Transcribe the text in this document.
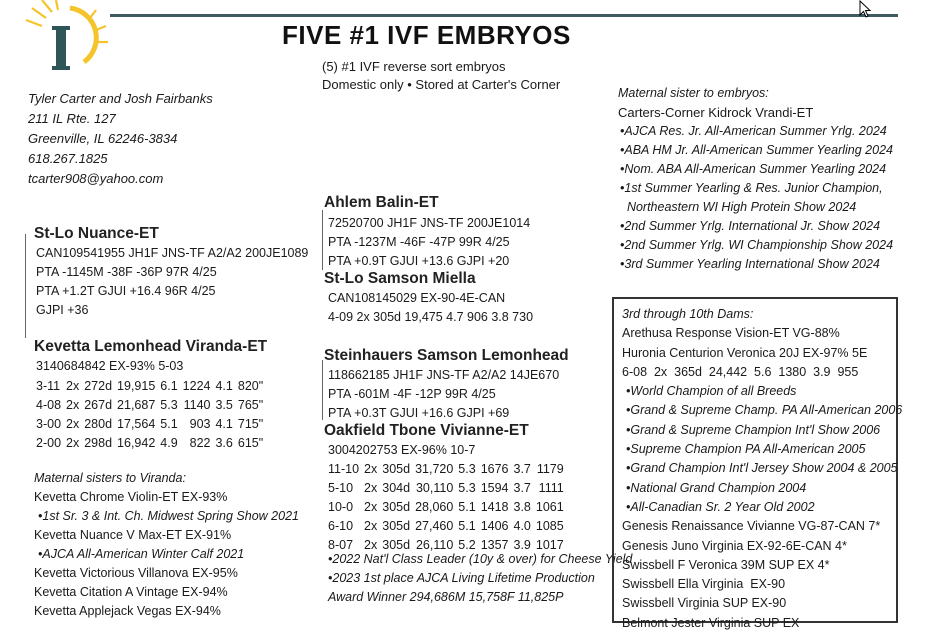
FIVE #1 IVF EMBRYOS
(5) #1 IVF reverse sort embryos
Domestic only • Stored at Carter's Corner
Tyler Carter and Josh Fairbanks
211 IL Rte. 127
Greenville, IL 62246-3834
618.267.1825
tcarter908@yahoo.com
St-Lo Nuance-ET
CAN109541955 JH1F JNS-TF A2/A2 200JE1089
PTA -1145M -38F -36P 97R 4/25
PTA +1.2T GJUI +16.4 96R 4/25
GJPI +36
Kevetta Lemonhead Viranda-ET
3140684842 EX-93% 5-03
3-11	2x	272d	19,915	6.1	1224	4.1	820"
4-08	2x	267d	21,687	5.3	1140	3.5	765"
3-00	2x	280d	17,564	5.1	903	4.1	715"
2-00	2x	298d	16,942	4.9	822	3.6	615"
Maternal sisters to Viranda:
Kevetta Chrome Violin-ET EX-93%
•1st Sr. 3 & Int. Ch. Midwest Spring Show 2021
Kevetta Nuance V Max-ET EX-91%
•AJCA All-American Winter Calf 2021
Kevetta Victorious Villanova EX-95%
Kevetta Citation A Vintage EX-94%
Kevetta Applejack Vegas EX-94%
Ahlem Balin-ET
72520700 JH1F JNS-TF 200JE1014
PTA -1237M -46F -47P 99R 4/25
PTA +0.9T GJUI +13.6 GJPI +20
St-Lo Samson Miella
CAN108145029 EX-90-4E-CAN
4-09 2x 305d 19,475 4.7 906 3.8 730
Steinhauers Samson Lemonhead
118662185 JH1F JNS-TF A2/A2 14JE670
PTA -601M -4F -12P 99R 4/25
PTA +0.3T GJUI +16.6 GJPI +69
Oakfield Tbone Vivianne-ET
3004202753 EX-96% 10-7
11-10	2x	305d	31,720	5.3	1676	3.7	1179
5-10	2x	304d	30,110	5.3	1594	3.7	1111
10-0	2x	305d	28,060	5.1	1418	3.8	1061
6-10	2x	305d	27,460	5.1	1406	4.0	1085
8-07	2x	305d	26,110	5.2	1357	3.9	1017
•2022 Nat'l Class Leader (10y & over) for Cheese Yield
•2023 1st place AJCA Living Lifetime Production
Award Winner 294,686M 15,758F 11,825P
Maternal sister to embryos:
Carters-Corner Kidrock Vrandi-ET
•AJCA Res. Jr. All-American Summer Yrlg. 2024
•ABA HM Jr. All-American Summer Yearling 2024
•Nom. ABA All-American Summer Yearling 2024
•1st Summer Yearling & Res. Junior Champion,
Northeastern WI High Protein Show 2024
•2nd Summer Yrlg. International Jr. Show 2024
•2nd Summer Yrlg. WI Championship Show 2024
•3rd Summer Yearling International Show 2024
3rd through 10th Dams:
Arethusa Response Vision-ET VG-88%
Huronia Centurion Veronica 20J EX-97% 5E
6-08  2x  365d  24,442  5.6  1380  3.9  955
•World Champion of all Breeds
•Grand & Supreme Champ. PA All-American 2006
•Grand & Supreme Champion Int'l Show 2006
•Supreme Champion PA All-American 2005
•Grand Champion Int'l Jersey Show 2004 & 2005
•National Grand Champion 2004
•All-Canadian Sr. 2 Year Old 2002
Genesis Renaissance Vivianne VG-87-CAN 7*
Genesis Juno Virginia EX-92-6E-CAN 4*
Swissbell F Veronica 39M SUP EX 4*
Swissbell Ella Virginia  EX-90
Swissbell Virginia SUP EX-90
Belmont Jester Virginia SUP EX
